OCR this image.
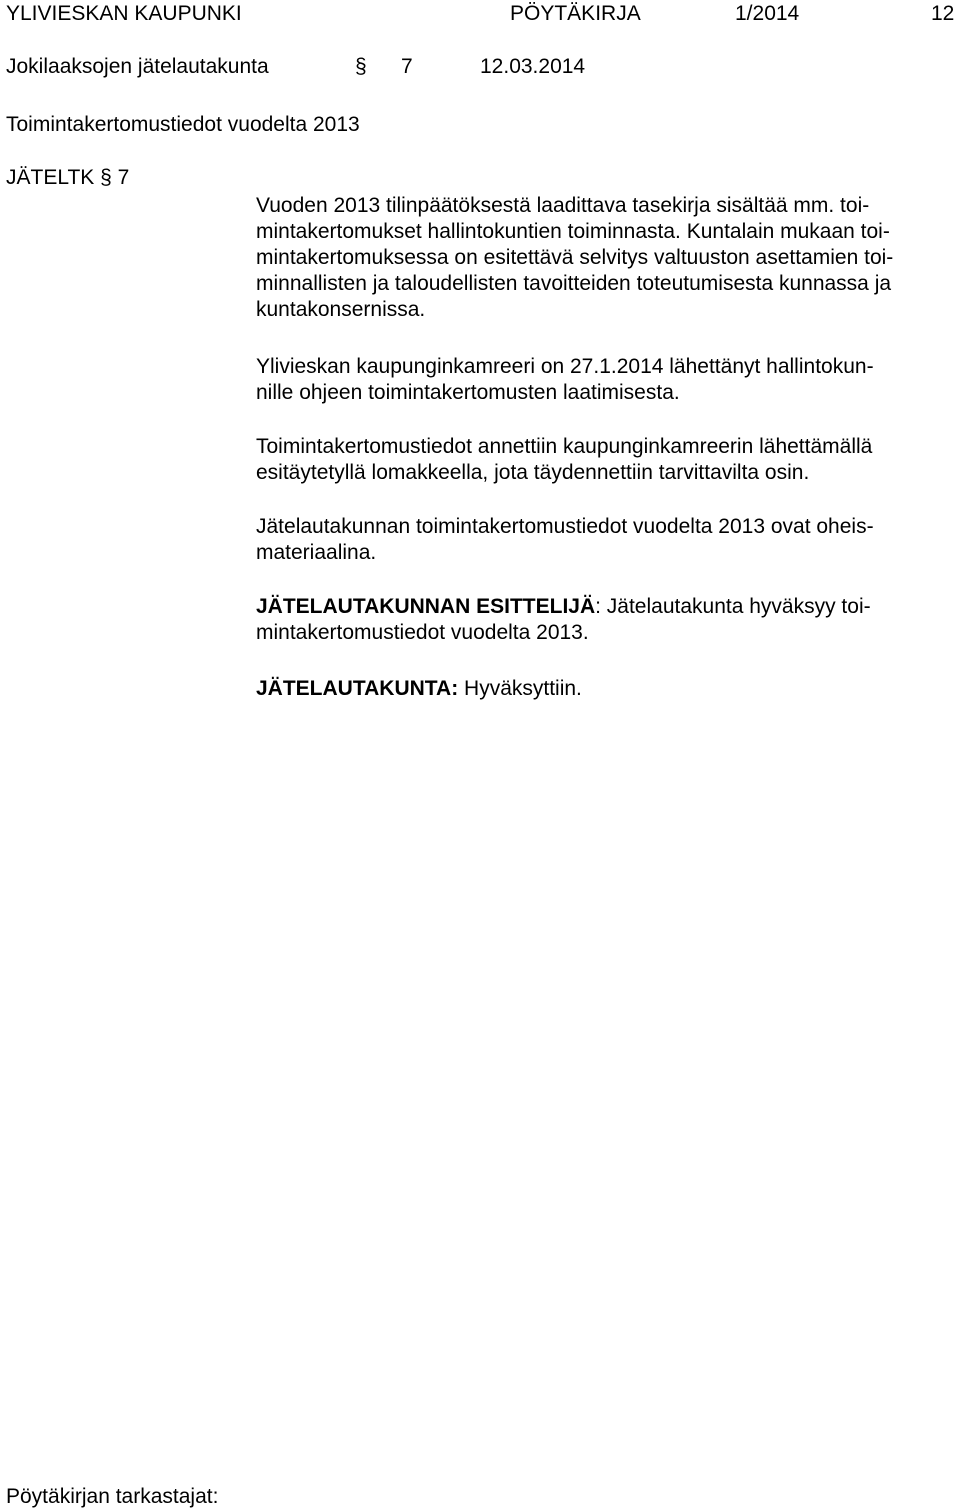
YLIVIESKAN KAUPUNKI	PÖYTÄKIRJA	1/2014	12
Jokilaaksojen jätelautakunta	§ 7	12.03.2014
Toimintakertomustiedot vuodelta 2013
JÄTELTK § 7
Vuoden 2013 tilinpäätöksestä laadittava tasekirja sisältää mm. toi-
mintakertomukset hallintokuntien toiminnasta. Kuntalain mukaan toi-
mintakertomuksessa on esitettävä selvitys valtuuston asettamien toi-
minnallisten ja taloudellisten tavoitteiden toteutumisesta kunnassa ja
kuntakonsernissa.
Ylivieskan kaupunginkamreeri on 27.1.2014 lähettänyt hallintokun-
nille ohjeen toimintakertomusten laatimisesta.
Toimintakertomustiedot annettiin kaupunginkamreerin lähettämällä
esitäytetyllä lomakkeella, jota täydennettiin tarvittavilta osin.
Jätelautakunnan toimintakertomustiedot vuodelta 2013 ovat oheis-
materiaalina.
JÄTELAUTAKUNNAN ESITTELIJÄ: Jätelautakunta hyväksyy toi-
mintakertomustiedot vuodelta 2013.
JÄTELAUTAKUNTA: Hyväksyttiin.
Pöytäkirjan tarkastajat:
